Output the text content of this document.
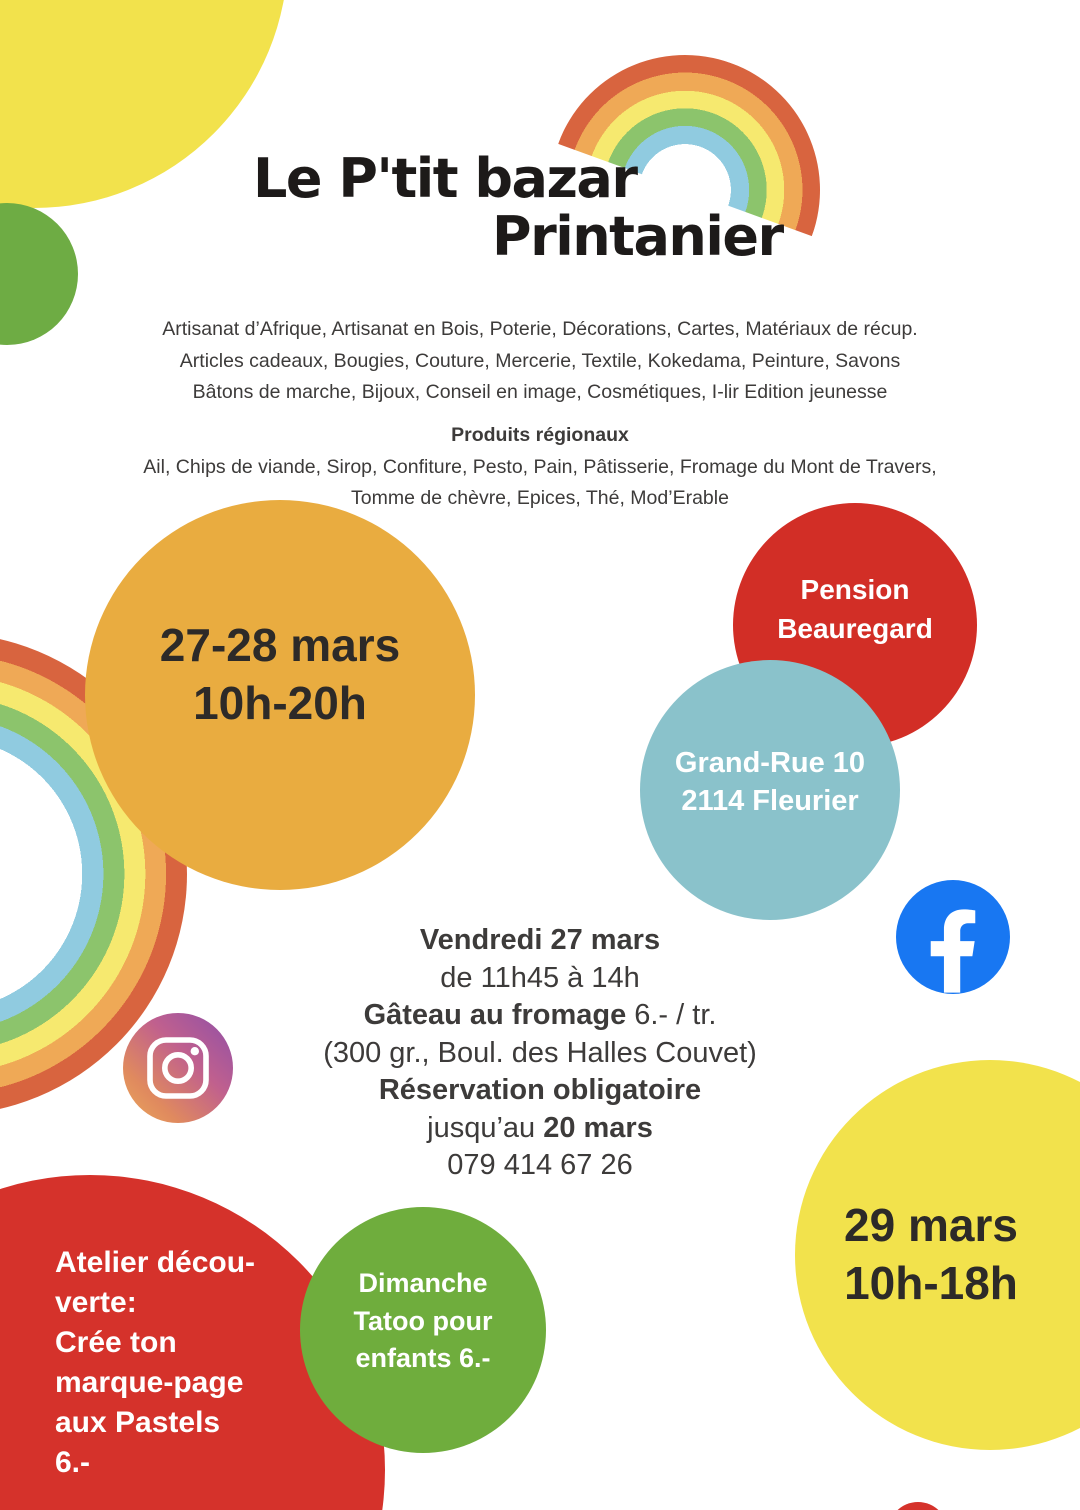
Le P'tit bazar
Printanier
Artisanat d’Afrique, Artisanat en Bois, Poterie, Décorations, Cartes, Matériaux de récup.
Articles cadeaux, Bougies, Couture, Mercerie, Textile, Kokedama, Peinture, Savons
Bâtons de marche, Bijoux, Conseil en image, Cosmétiques, I-lir Edition jeunesse
Produits régionaux
Ail, Chips de viande, Sirop, Confiture, Pesto, Pain, Pâtisserie, Fromage du Mont de Travers,
Tomme de chèvre, Epices, Thé, Mod’Erable
27-28 mars
10h-20h
Pension
Beauregard
Grand-Rue 10
2114 Fleurier
Vendredi 27 mars
de 11h45 à 14h
Gâteau au fromage 6.- / tr.
(300 gr., Boul. des Halles Couvet)
Réservation obligatoire
jusqu’au 20 mars
079 414 67 26
29 mars
10h-18h
Atelier décou-
verte:
Crée ton
marque-page
aux Pastels
6.-
Dimanche
Tatoo pour
enfants 6.-
